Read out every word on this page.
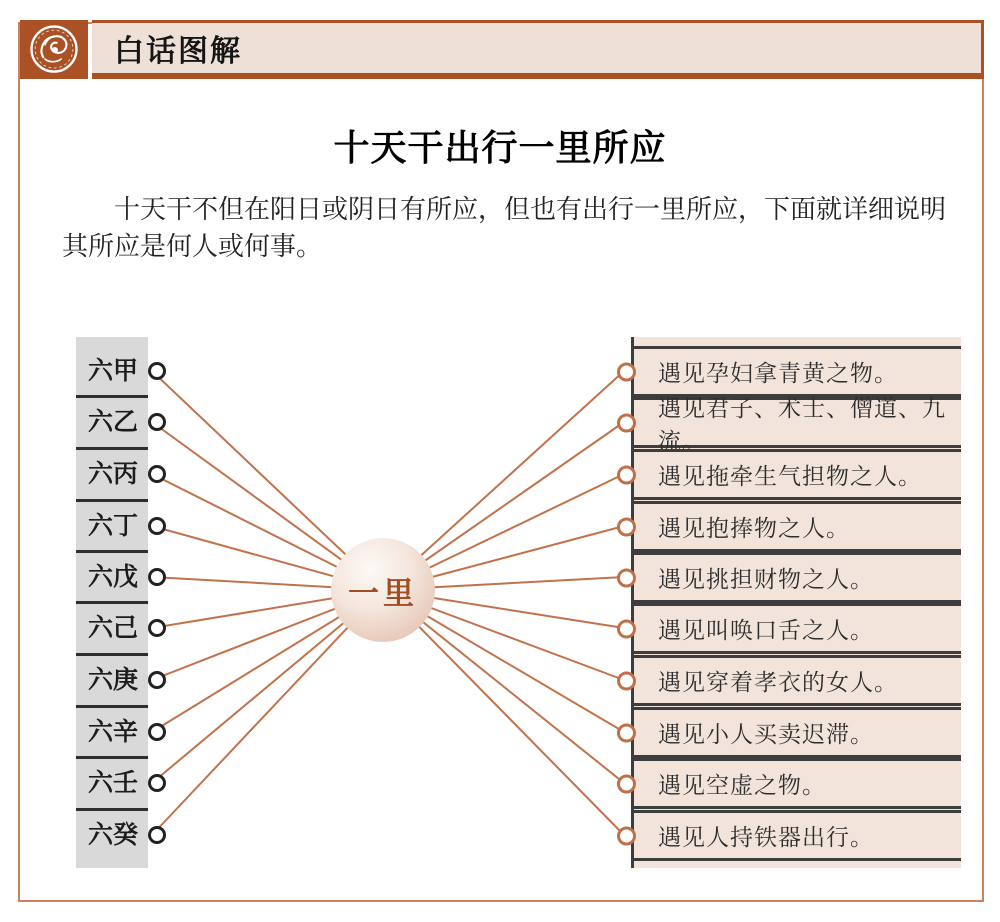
白话图解
十天干出行一里所应
十天干不但在阳日或阴日有所应，但也有出行一里所应，下面就详细说明其所应是何人或何事。
六甲
六乙
六丙
六丁
六戊
六己
六庚
六辛
六壬
六癸
遇见孕妇拿青黄之物。
遇见君子、术士、僧道、九流。
遇见拖牵生气担物之人。
遇见抱捧物之人。
遇见挑担财物之人。
遇见叫唤口舌之人。
遇见穿着孝衣的女人。
遇见小人买卖迟滞。
遇见空虚之物。
遇见人持铁器出行。
一里
